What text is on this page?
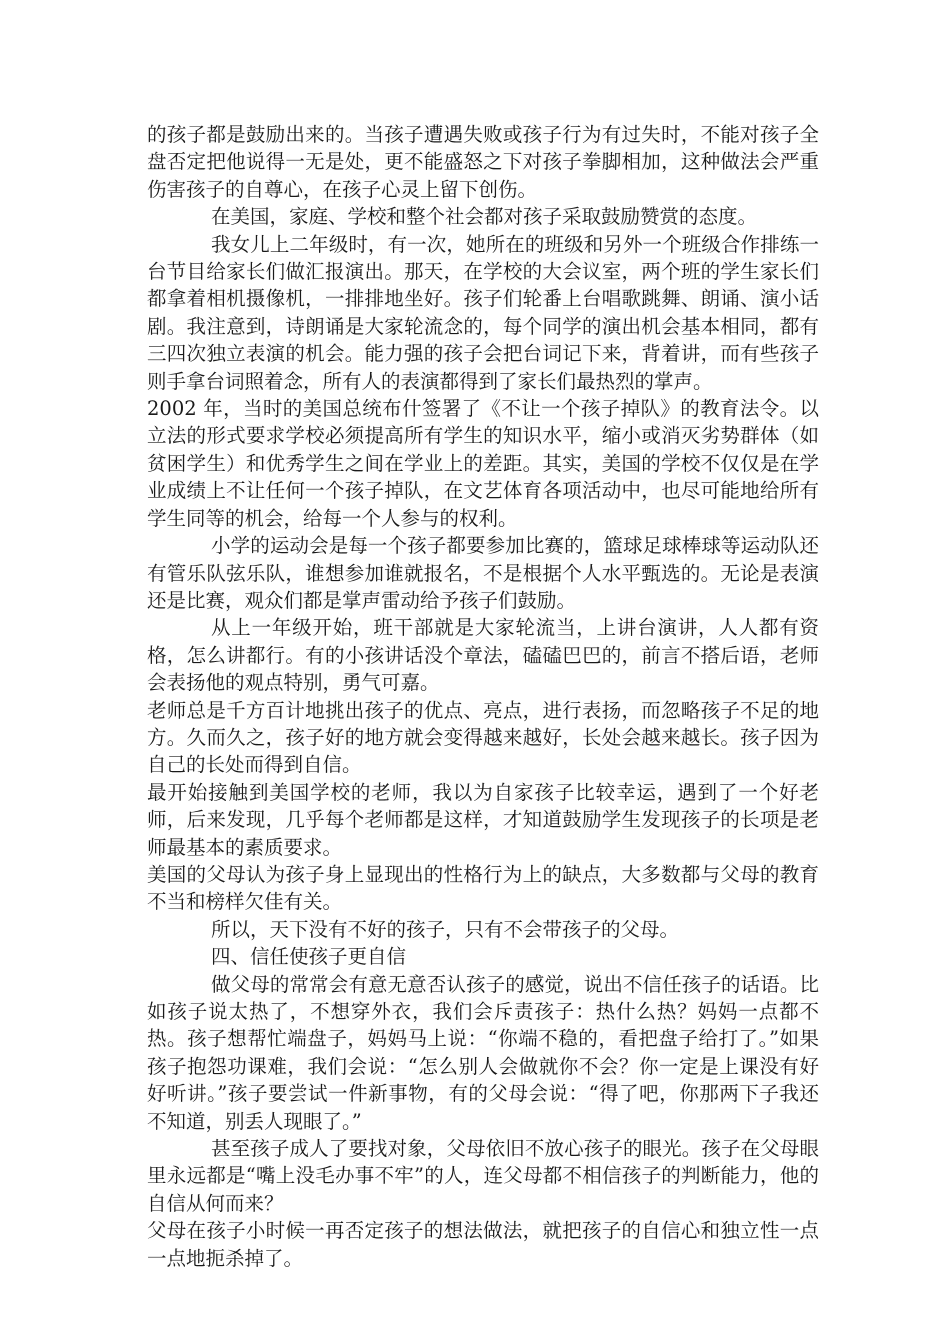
的孩子都是鼓励出来的。当孩子遭遇失败或孩子行为有过失时，不能对孩子全盘否定把他说得一无是处，更不能盛怒之下对孩子拳脚相加，这种做法会严重伤害孩子的自尊心，在孩子心灵上留下创伤。

在美国，家庭、学校和整个社会都对孩子采取鼓励赞赏的态度。

我女儿上二年级时，有一次，她所在的班级和另外一个班级合作排练一台节目给家长们做汇报演出。那天，在学校的大会议室，两个班的学生家长们都拿着相机摄像机，一排排地坐好。孩子们轮番上台唱歌跳舞、朗诵、演小话剧。我注意到，诗朗诵是大家轮流念的，每个同学的演出机会基本相同，都有三四次独立表演的机会。能力强的孩子会把台词记下来，背着讲，而有些孩子则手拿台词照着念，所有人的表演都得到了家长们最热烈的掌声。

2002 年，当时的美国总统布什签署了《不让一个孩子掉队》的教育法令。以立法的形式要求学校必须提高所有学生的知识水平，缩小或消灭劣势群体（如贫困学生）和优秀学生之间在学业上的差距。其实，美国的学校不仅仅是在学业成绩上不让任何一个孩子掉队，在文艺体育各项活动中，也尽可能地给所有学生同等的机会，给每一个人参与的权利。

小学的运动会是每一个孩子都要参加比赛的，篮球足球棒球等运动队还有管乐队弦乐队，谁想参加谁就报名，不是根据个人水平甄选的。无论是表演还是比赛，观众们都是掌声雷动给予孩子们鼓励。

从上一年级开始，班干部就是大家轮流当，上讲台演讲，人人都有资格，怎么讲都行。有的小孩讲话没个章法，磕磕巴巴的，前言不搭后语，老师会表扬他的观点特别，勇气可嘉。

老师总是千方百计地挑出孩子的优点、亮点，进行表扬，而忽略孩子不足的地方。久而久之，孩子好的地方就会变得越来越好，长处会越来越长。孩子因为自己的长处而得到自信。

最开始接触到美国学校的老师，我以为自家孩子比较幸运，遇到了一个好老师，后来发现，几乎每个老师都是这样，才知道鼓励学生发现孩子的长项是老师最基本的素质要求。

美国的父母认为孩子身上显现出的性格行为上的缺点，大多数都与父母的教育不当和榜样欠佳有关。

所以，天下没有不好的孩子，只有不会带孩子的父母。

四、信任使孩子更自信

做父母的常常会有意无意否认孩子的感觉，说出不信任孩子的话语。比如孩子说太热了，不想穿外衣，我们会斥责孩子：热什么热？妈妈一点都不热。孩子想帮忙端盘子，妈妈马上说：“你端不稳的，看把盘子给打了。”如果孩子抱怨功课难，我们会说：“怎么别人会做就你不会？你一定是上课没有好好听讲。”孩子要尝试一件新事物，有的父母会说：“得了吧，你那两下子我还不知道，别丢人现眼了。”

甚至孩子成人了要找对象，父母依旧不放心孩子的眼光。孩子在父母眼里永远都是“嘴上没毛办事不牢”的人，连父母都不相信孩子的判断能力，他的自信从何而来？

父母在孩子小时候一再否定孩子的想法做法，就把孩子的自信心和独立性一点一点地扼杀掉了。
